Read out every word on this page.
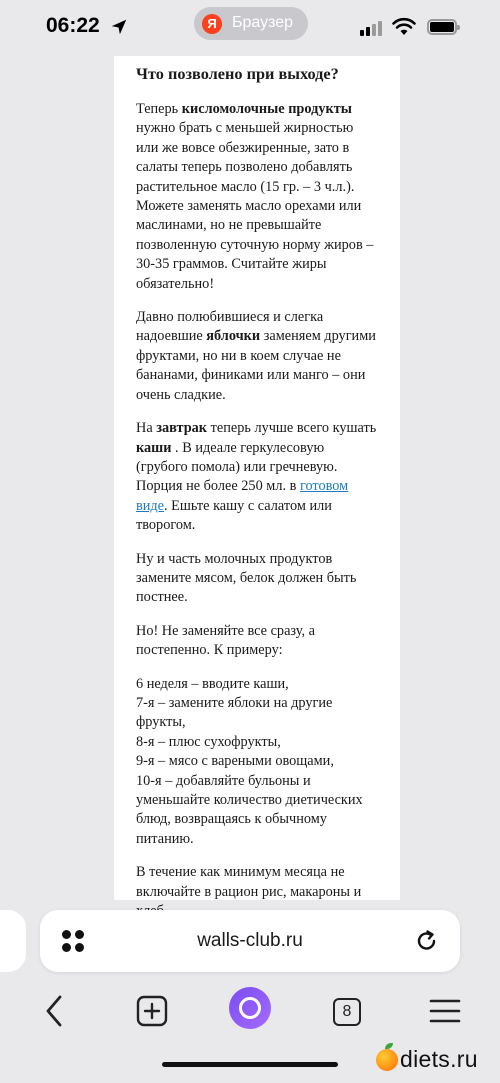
06:22	Я Браузер

Что позволено при выходе?

Теперь кисломолочные продукты нужно брать с меньшей жирностью или же вовсе обезжиренные, зато в салаты теперь позволено добавлять растительное масло (15 гр. – 3 ч.л.). Можете заменять масло орехами или маслинами, но не превышайте позволенную суточную норму жиров – 30-35 граммов. Считайте жиры обязательно!

Давно полюбившиеся и слегка надоевшие яблочки заменяем другими фруктами, но ни в коем случае не бананами, финиками или манго – они очень сладкие.

На завтрак теперь лучше всего кушать каши . В идеале геркулесовую (грубого помола) или гречневую. Порция не более 250 мл. в готовом виде. Ешьте кашу с салатом или творогом.

Ну и часть молочных продуктов замените мясом, белок должен быть постнее.

Но! Не заменяйте все сразу, а постепенно. К примеру:

6 неделя – вводите каши,
7-я – замените яблоки на другие фрукты,
8-я – плюс сухофрукты,
9-я – мясо с вареными овощами,
10-я – добавляйте бульоны и уменьшайте количество диетических блюд, возвращаясь к обычному питанию.

В течение как минимум месяца не включайте в рацион рис, макароны и

walls-club.ru
8
diets.ru
